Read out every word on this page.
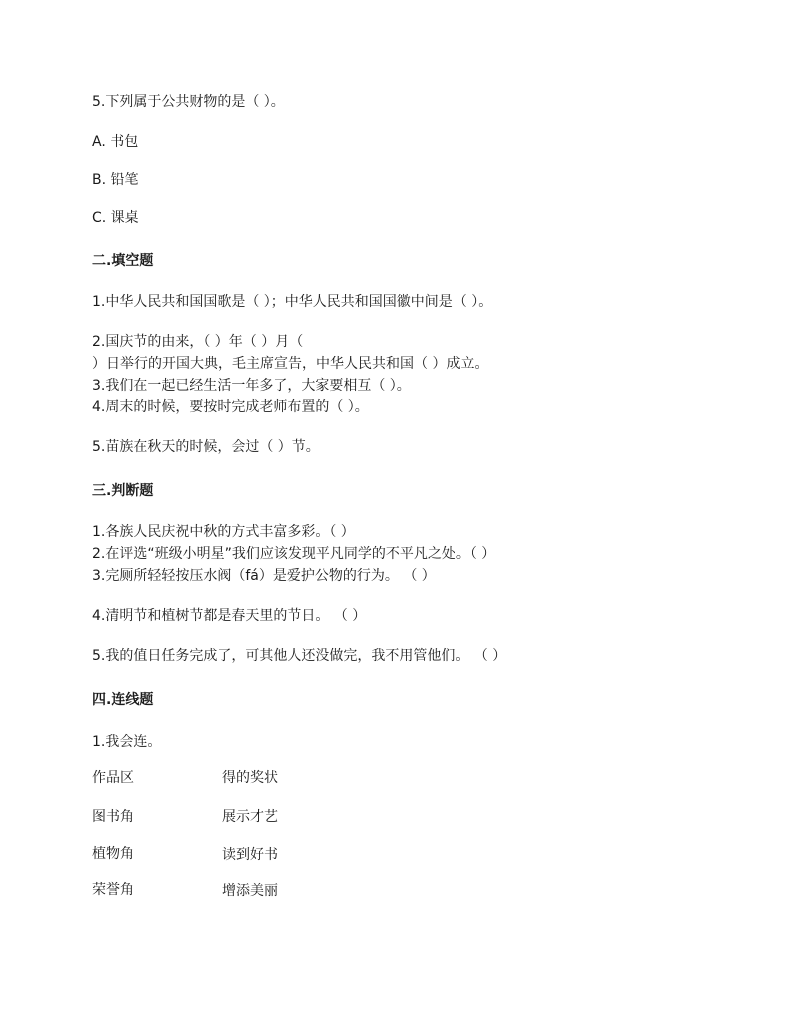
5.下列属于公共财物的是（ ）。
A. 书包
B. 铅笔
C. 课桌
二.填空题
1.中华人民共和国国歌是（ ）；中华人民共和国国徽中间是（ ）。
2.国庆节的由来，（ ）年（ ）月（
）日举行的开国大典，毛主席宣告，中华人民共和国（ ）成立。
3.我们在一起已经生活一年多了，大家要相互（ ）。
4.周末的时候，要按时完成老师布置的（ ）。
5.苗族在秋天的时候，会过（ ）节。
三.判断题
1.各族人民庆祝中秋的方式丰富多彩。（ ）
2.在评选“班级小明星”我们应该发现平凡同学的不平凡之处。（ ）
3.完厕所轻轻按压水阀（fá）是爱护公物的行为。 （ ）
4.清明节和植树节都是春天里的节日。 （ ）
5.我的值日任务完成了，可其他人还没做完，我不用管他们。 （ ）
四.连线题
1.我会连。
作品区	得的奖状
图书角	展示才艺
植物角	读到好书
荣誉角	增添美丽
